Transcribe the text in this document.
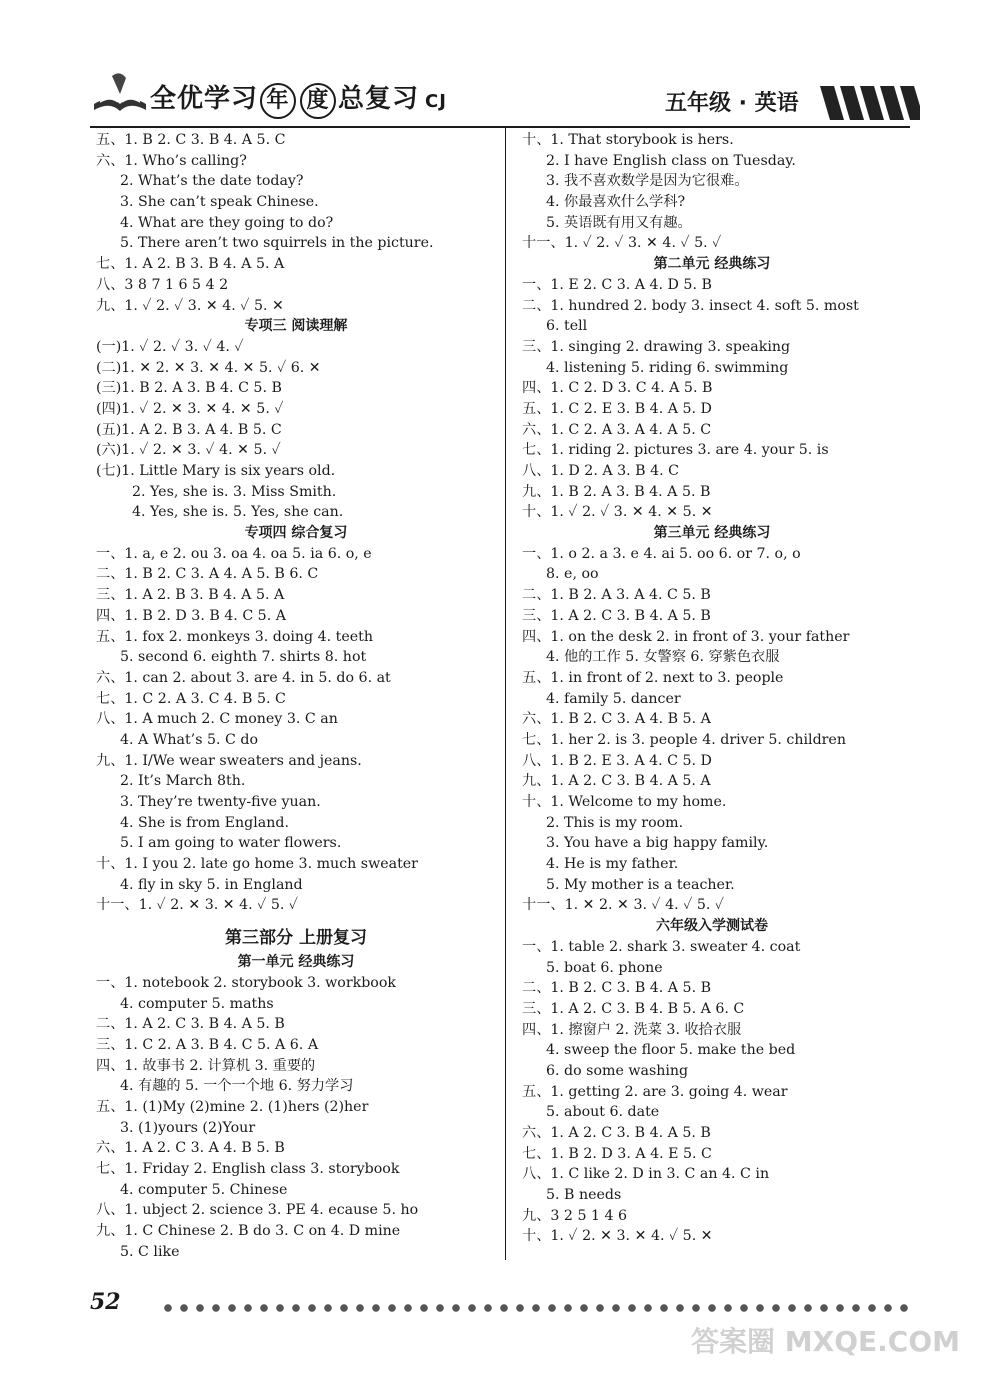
全优学习 年 度 总复习 CJ	五年级 · 英语
五、1. B 2. C 3. B 4. A 5. C
六、1. Who’s calling?
2. What’s the date today?
3. She can’t speak Chinese.
4. What are they going to do?
5. There aren’t two squirrels in the picture.
七、1. A 2. B 3. B 4. A 5. A
八、3 8 7 1 6 5 4 2
九、1. ✓ 2. ✓ 3. ✕ 4. ✓ 5. ✕
专项三 阅读理解
(一)1. ✓ 2. ✓ 3. ✓ 4. ✓
(二)1. ✕ 2. ✕ 3. ✕ 4. ✕ 5. ✓ 6. ✕
(三)1. B 2. A 3. B 4. C 5. B
(四)1. ✓ 2. ✕ 3. ✕ 4. ✕ 5. ✓
(五)1. A 2. B 3. A 4. B 5. C
(六)1. ✓ 2. ✕ 3. ✓ 4. ✕ 5. ✓
(七)1. Little Mary is six years old.
2. Yes, she is. 3. Miss Smith.
4. Yes, she is. 5. Yes, she can.
专项四 综合复习
一、1. a, e 2. ou 3. oa 4. oa 5. ia 6. o, e
二、1. B 2. C 3. A 4. A 5. B 6. C
三、1. A 2. B 3. B 4. A 5. A
四、1. B 2. D 3. B 4. C 5. A
五、1. fox 2. monkeys 3. doing 4. teeth
5. second 6. eighth 7. shirts 8. hot
六、1. can 2. about 3. are 4. in 5. do 6. at
七、1. C 2. A 3. C 4. B 5. C
八、1. A much 2. C money 3. C an
4. A What’s 5. C do
九、1. I/We wear sweaters and jeans.
2. It’s March 8th.
3. They’re twenty-five yuan.
4. She is from England.
5. I am going to water flowers.
十、1. I you 2. late go home 3. much sweater
4. fly in sky 5. in England
十一、1. ✓ 2. ✕ 3. ✕ 4. ✓ 5. ✓
第三部分 上册复习
第一单元 经典练习
一、1. notebook 2. storybook 3. workbook
4. computer 5. maths
二、1. A 2. C 3. B 4. A 5. B
三、1. C 2. A 3. B 4. C 5. A 6. A
四、1. 故事书 2. 计算机 3. 重要的
4. 有趣的 5. 一个一个地 6. 努力学习
五、1. (1)My (2)mine 2. (1)hers (2)her
3. (1)yours (2)Your
六、1. A 2. C 3. A 4. B 5. B
七、1. Friday 2. English class 3. storybook
4. computer 5. Chinese
八、1. ubject 2. science 3. PE 4. ecause 5. ho
九、1. C Chinese 2. B do 3. C on 4. D mine
5. C like
十、1. That storybook is hers.
2. I have English class on Tuesday.
3. 我不喜欢数学是因为它很难。
4. 你最喜欢什么学科?
5. 英语既有用又有趣。
十一、1. ✓ 2. ✓ 3. ✕ 4. ✓ 5. ✓
第二单元 经典练习
一、1. E 2. C 3. A 4. D 5. B
二、1. hundred 2. body 3. insect 4. soft 5. most
6. tell
三、1. singing 2. drawing 3. speaking
4. listening 5. riding 6. swimming
四、1. C 2. D 3. C 4. A 5. B
五、1. C 2. E 3. B 4. A 5. D
六、1. C 2. A 3. A 4. A 5. C
七、1. riding 2. pictures 3. are 4. your 5. is
八、1. D 2. A 3. B 4. C
九、1. B 2. A 3. B 4. A 5. B
十、1. ✓ 2. ✓ 3. ✕ 4. ✕ 5. ✕
第三单元 经典练习
一、1. o 2. a 3. e 4. ai 5. oo 6. or 7. o, o
8. e, oo
二、1. B 2. A 3. A 4. C 5. B
三、1. A 2. C 3. B 4. A 5. B
四、1. on the desk 2. in front of 3. your father
4. 他的工作 5. 女警察 6. 穿紫色衣服
五、1. in front of 2. next to 3. people
4. family 5. dancer
六、1. B 2. C 3. A 4. B 5. A
七、1. her 2. is 3. people 4. driver 5. children
八、1. B 2. E 3. A 4. C 5. D
九、1. A 2. C 3. B 4. A 5. A
十、1. Welcome to my home.
2. This is my room.
3. You have a big happy family.
4. He is my father.
5. My mother is a teacher.
十一、1. ✕ 2. ✕ 3. ✓ 4. ✓ 5. ✓
六年级入学测试卷
一、1. table 2. shark 3. sweater 4. coat
5. boat 6. phone
二、1. B 2. C 3. B 4. A 5. B
三、1. A 2. C 3. B 4. B 5. A 6. C
四、1. 擦窗户 2. 洗菜 3. 收拾衣服
4. sweep the floor 5. make the bed
6. do some washing
五、1. getting 2. are 3. going 4. wear
5. about 6. date
六、1. A 2. C 3. B 4. A 5. B
七、1. B 2. D 3. A 4. E 5. C
八、1. C like 2. D in 3. C an 4. C in
5. B needs
九、3 2 5 1 4 6
十、1. ✓ 2. ✕ 3. ✕ 4. ✓ 5. ✕
52
答案圈 MXQE.COM
